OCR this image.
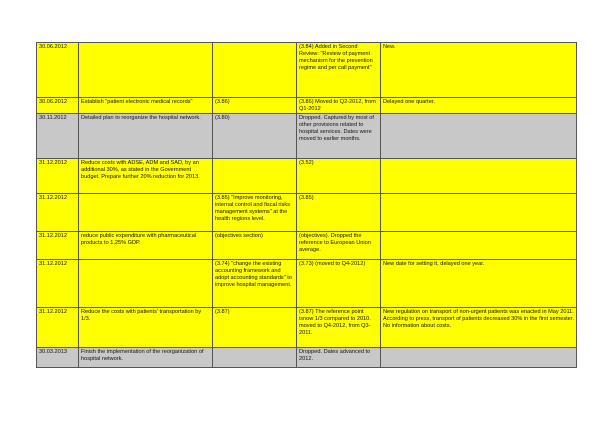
30.06.2012			(3.84) Added in Second Review: "Review of payment mechanism for the prevention regime and per call payment"	New.
30.06.2012	Establish "patient electronic medical records"	(3.86)	(3.86) Moved to Q2-2012, from Q1-2012	Delayed one quarter.
30.11.2012	Detailed plan to reorganize the hospital network.	(3.80)	Dropped. Captured by most of other provisions related to hospital services. Dates were moved to earlier months.	
31.12.2012	Reduce costs with ADSE, ADM and SAD, by an additional 30%, as stated in the Government budget. Prepare further 20% reduction for 2013.		(3.52)	
31.12.2012		(3.85) "Improve monitoring, internal control and fiscal risks management systems" at the health regions level.	(3.85)	
31.12.2012	reduce public expenditure with pharmaceutical products to 1,25% GDP.	(objectives section)	(objectives). Dropped the reference to European Union average.	
31.12.2012		(3.74) "change the existing accounting framework and adopt accounting standards" to improve hospital management.	(3.73) (moved to Q4-2012)	New date for setting it, delayed one year.
31.12.2012	Reduce the costs with patients' transportation by 1/3.	(3.87)	(3.87) The reference point isnow 1/3 compared to 2010. moved to Q4-2012, from Q3-2011.	New regulation on transport of non-urgent patients was enacted in May 2011. According to press, transport of patients decreased 30% in the first semester. No information about costs.
30.03.2013	Finish the implementation of the reorganization of hospital network.		Dropped. Dates advanced to 2012.	
